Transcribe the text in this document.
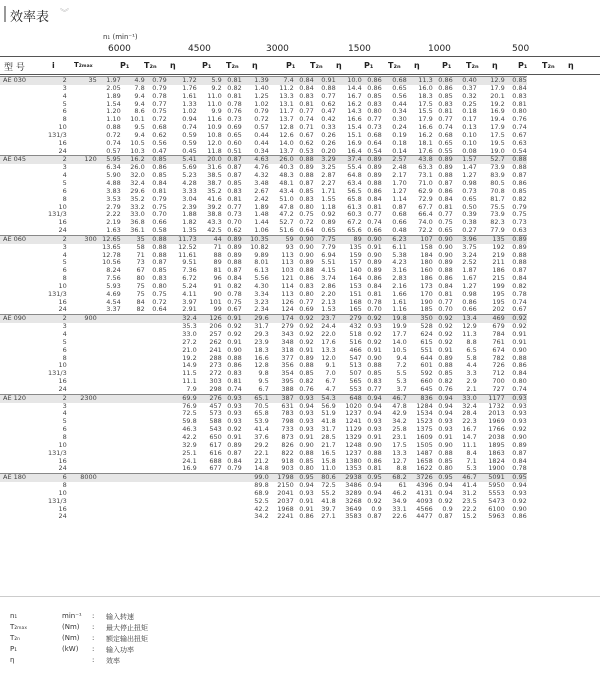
效率表 ︾
n₁ (min⁻¹)
6000	4500	3000	1500	1000	500
型 号	i	T₂ₘₐₓ	P₁ T₂ₙ η	P₁ T₂ₙ η	P₁ T₂ₙ η	P₁ T₂ₙ η	P₁ T₂ₙ η	P₁ T₂ₙ η
AE 030	2	35	1.97	4.9	0.79	1.72	5.9	0.81	1.39	7.4	0.84	0.91	10.0	0.86	0.68	11.3	0.86	0.40	12.9	0.85
	3		2.05	7.8	0.79	1.76	9.2	0.82	1.40	11.2	0.84	0.88	14.4	0.86	0.65	16.0	0.86	0.37	17.9	0.84
	4		1.89	9.4	0.78	1.61	11.0	0.81	1.25	13.3	0.83	0.77	16.7	0.85	0.56	18.3	0.85	0.32	20.1	0.83
	5		1.54	9.4	0.77	1.33	11.0	0.78	1.02	13.1	0.81	0.62	16.2	0.83	0.44	17.5	0.83	0.25	19.2	0.81
	6		1.20	8.6	0.75	1.02	9.9	0.76	0.79	11.7	0.77	0.47	14.3	0.80	0.34	15.5	0.81	0.18	16.9	0.80
	8		1.10	10.1	0.72	0.94	11.6	0.73	0.72	13.7	0.74	0.42	16.6	0.77	0.30	17.9	0.77	0.17	19.4	0.76
	10		0.88	9.5	0.68	0.74	10.9	0.69	0.57	12.8	0.71	0.33	15.4	0.73	0.24	16.6	0.74	0.13	17.9	0.74
	131/3		0.72	9.4	0.62	0.59	10.8	0.65	0.44	12.6	0.67	0.26	15.1	0.68	0.19	16.2	0.68	0.10	17.5	0.67
	16		0.74	10.5	0.56	0.59	12.0	0.60	0.44	14.0	0.62	0.26	16.9	0.64	0.18	18.1	0.65	0.10	19.5	0.63
	24		0.57	10.3	0.47	0.45	11.8	0.51	0.34	13.7	0.53	0.20	16.4	0.54	0.14	17.6	0.55	0.08	19.0	0.54
AE 045	2	120	5.95	16.2	0.85	5.41	20.0	0.87	4.63	26.0	0.88	3.29	37.4	0.89	2.57	43.8	0.89	1.57	52.7	0.88
	3		6.34	26.0	0.86	5.69	31.6	0.87	4.76	40.3	0.89	3.25	55.4	0.89	2.48	63.3	0.89	1.47	73.9	0.88
	4		5.90	32.0	0.85	5.23	38.5	0.87	4.32	48.3	0.88	2.87	64.8	0.89	2.17	73.1	0.88	1.27	83.9	0.87
	5		4.88	32.4	0.84	4.28	38.7	0.85	3.48	48.1	0.87	2.27	63.4	0.88	1.70	71.0	0.87	0.98	80.5	0.86
	6		3.83	29.6	0.81	3.33	35.2	0.83	2.67	43.4	0.85	1.71	56.5	0.86	1.27	62.9	0.86	0.73	70.8	0.85
	8		3.53	35.2	0.79	3.04	41.6	0.81	2.42	51.0	0.83	1.55	65.8	0.84	1.14	72.9	0.84	0.65	81.7	0.82
	10		2.79	33.2	0.75	2.39	39.2	0.77	1.89	47.8	0.80	1.18	61.3	0.81	0.87	67.7	0.81	0.50	75.5	0.79
	131/3		2.22	33.0	0.70	1.88	38.8	0.73	1.48	47.2	0.75	0.92	60.3	0.77	0.68	66.4	0.77	0.39	73.9	0.75
	16		2.19	36.8	0.66	1.82	43.3	0.70	1.44	52.7	0.72	0.89	67.2	0.74	0.66	74.0	0.75	0.38	82.3	0.73
	24		1.63	36.1	0.58	1.35	42.5	0.62	1.06	51.6	0.64	0.65	65.6	0.66	0.48	72.2	0.65	0.27	77.9	0.63
AE 060	2	300	12.65	35	0.88	11.73	44	0.89	10.35	59	0.90	7.75	89	0.90	6.23	107	0.90	3.96	135	0.89
	3		13.65	58	0.88	12.52	71	0.89	10.82	93	0.90	7.79	135	0.91	6.11	158	0.90	3.75	192	0.89
	4		12.78	71	0.88	11.61	88	0.89	9.89	113	0.90	6.94	159	0.90	5.38	184	0.90	3.24	219	0.88
	5		10.56	73	0.87	9.51	89	0.88	8.01	113	0.89	5.51	157	0.89	4.23	180	0.89	2.52	211	0.88
	6		8.24	67	0.85	7.36	81	0.87	6.13	103	0.88	4.15	140	0.89	3.16	160	0.88	1.87	186	0.87
	8		7.56	80	0.83	6.72	96	0.84	5.56	121	0.86	3.74	164	0.86	2.83	186	0.86	1.67	215	0.84
	10		5.93	75	0.80	5.24	91	0.82	4.30	114	0.83	2.86	153	0.84	2.16	173	0.84	1.27	199	0.82
	131/3		4.69	75	0.75	4.11	90	0.78	3.34	113	0.80	2.20	151	0.81	1.66	170	0.81	0.98	195	0.78
	16		4.54	84	0.72	3.97	101	0.75	3.23	126	0.77	2.13	168	0.78	1.61	190	0.77	0.86	195	0.74
	24		3.37	82	0.64	2.91	99	0.67	2.34	124	0.69	1.53	165	0.70	1.16	185	0.70	0.66	202	0.67
AE 090	2	900				32.4	126	0.91	29.6	174	0.92	23.7	279	0.92	19.8	350	0.92	13.4	469	0.92
	3					35.3	206	0.92	31.7	279	0.92	24.4	432	0.93	19.9	528	0.92	12.9	679	0.92
	4					33.0	257	0.92	29.3	343	0.92	22.0	518	0.92	17.7	624	0.92	11.3	784	0.91
	5					27.2	262	0.91	23.9	348	0.92	17.6	516	0.92	14.0	615	0.92	8.8	761	0.91
	6					21.0	241	0.90	18.3	318	0.91	13.3	466	0.91	10.5	551	0.91	6.5	674	0.90
	8					19.2	288	0.88	16.6	377	0.89	12.0	547	0.90	9.4	644	0.89	5.8	782	0.88
	10					14.9	273	0.86	12.8	356	0.88	9.1	513	0.88	7.2	601	0.88	4.4	726	0.86
	131/3					11.5	272	0.83	9.8	354	0.85	7.0	507	0.85	5.5	592	0.85	3.3	712	0.84
	16					11.1	303	0.81	9.5	395	0.82	6.7	565	0.83	5.3	660	0.82	2.9	700	0.80
	24					7.9	298	0.74	6.7	388	0.76	4.7	553	0.77	3.7	645	0.76	2.1	727	0.74
AE 120	2	2300				69.9	276	0.93	65.1	387	0.93	54.3	648	0.94	46.7	836	0.94	33.0	1177	0.93
	3					76.9	457	0.93	70.5	631	0.94	56.9	1020	0.94	47.8	1284	0.94	32.4	1732	0.93
	4					72.5	573	0.93	65.8	783	0.93	51.9	1237	0.94	42.9	1534	0.94	28.4	2013	0.93
	5					59.8	588	0.93	53.9	798	0.93	41.8	1241	0.93	34.2	1523	0.93	22.3	1969	0.93
	6					46.3	543	0.92	41.4	733	0.93	31.7	1129	0.93	25.8	1375	0.93	16.7	1766	0.92
	8					42.2	650	0.91	37.6	873	0.91	28.5	1329	0.91	23.1	1609	0.91	14.7	2038	0.90
	10					32.9	617	0.89	29.2	826	0.90	21.7	1248	0.90	17.5	1505	0.90	11.1	1895	0.89
	131/3					25.1	616	0.87	22.1	822	0.88	16.5	1237	0.88	13.3	1487	0.88	8.4	1863	0.87
	16					24.1	688	0.84	21.2	918	0.85	15.8	1380	0.86	12.7	1658	0.85	7.1	1824	0.84
	24					16.9	677	0.79	14.8	903	0.80	11.0	1353	0.81	8.8	1622	0.80	5.3	1900	0.78
AE 180	6	8000							99.0	1798	0.95	80.6	2938	0.95	68.2	3726	0.95	46.7	5091	0.95
	8								89.8	2150	0.94	72.5	3486	0.94	61	4396	0.94	41.4	5950	0.94
	10								68.9	2041	0.93	55.2	3289	0.94	46.2	4131	0.94	31.2	5553	0.93
	131/3								52.5	2037	0.91	41.8	3268	0.92	34.9	4093	0.92	23.5	5473	0.92
	16								42.2	1968	0.91	39.7	3649	0.9	33.1	4566	0.9	22.2	6100	0.90
	24								34.2	2241	0.86	27.1	3583	0.87	22.6	4477	0.87	15.2	5963	0.86
n₁	min⁻¹ : 输入转速
T₂ₘₐₓ	(Nm) : 最大停止扭矩
T₂ₙ	(Nm) : 额定输出扭矩
P₁	(kW) : 输入功率
η	: 效率
